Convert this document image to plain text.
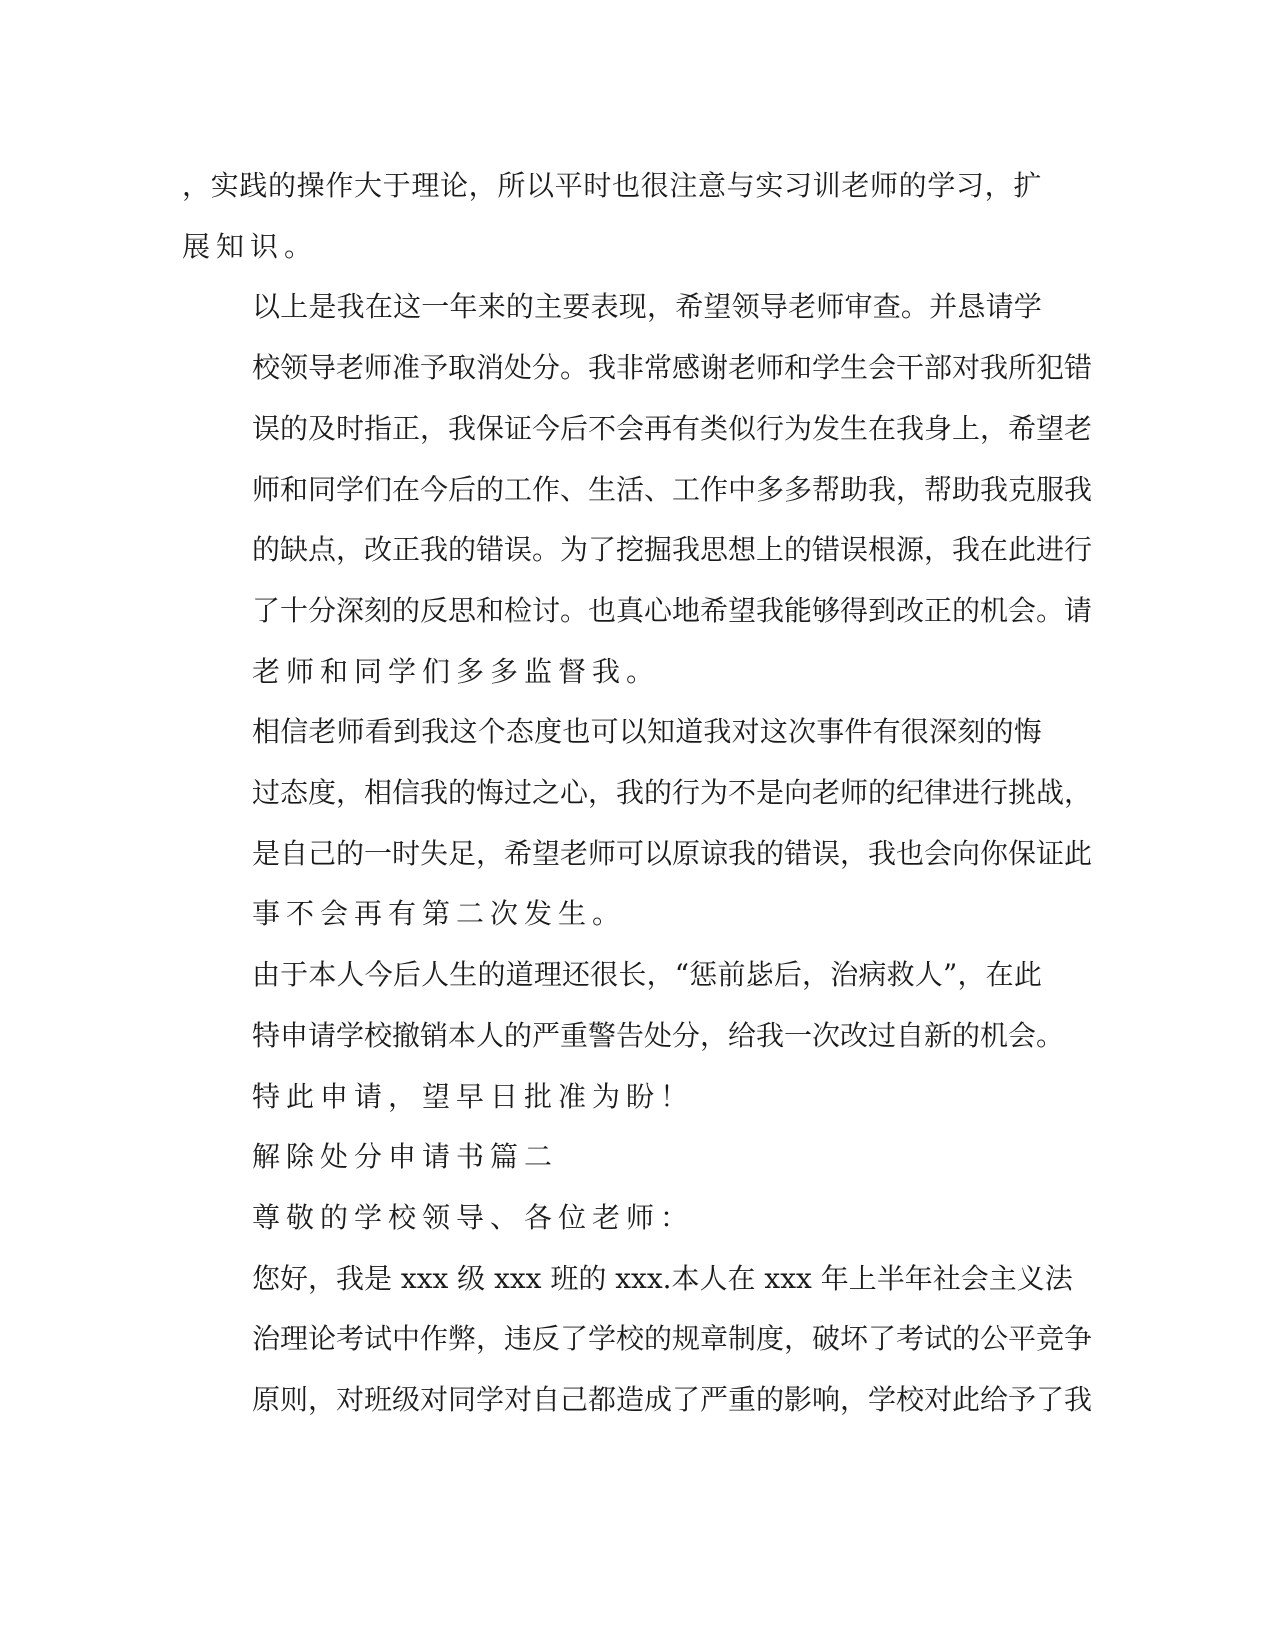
，实践的操作大于理论，所以平时也很注意与实习训老师的学习，扩
展知识。
以上是我在这一年来的主要表现，希望领导老师审查。并恳请学
校领导老师准予取消处分。我非常感谢老师和学生会干部对我所犯错
误的及时指正，我保证今后不会再有类似行为发生在我身上，希望老
师和同学们在今后的工作、生活、工作中多多帮助我，帮助我克服我
的缺点，改正我的错误。为了挖掘我思想上的错误根源，我在此进行
了十分深刻的反思和检讨。也真心地希望我能够得到改正的机会。请
老师和同学们多多监督我。
相信老师看到我这个态度也可以知道我对这次事件有很深刻的悔
过态度，相信我的悔过之心，我的行为不是向老师的纪律进行挑战，
是自己的一时失足，希望老师可以原谅我的错误，我也会向你保证此
事不会再有第二次发生。
由于本人今后人生的道理还很长，“惩前毖后，治病救人”，在此
特申请学校撤销本人的严重警告处分，给我一次改过自新的机会。
特此申请，望早日批准为盼！
解除处分申请书篇二
尊敬的学校领导、各位老师：
您好，我是 xxx 级 xxx 班的 xxx.本人在 xxx 年上半年社会主义法
治理论考试中作弊，违反了学校的规章制度，破坏了考试的公平竞争
原则，对班级对同学对自己都造成了严重的影响，学校对此给予了我
